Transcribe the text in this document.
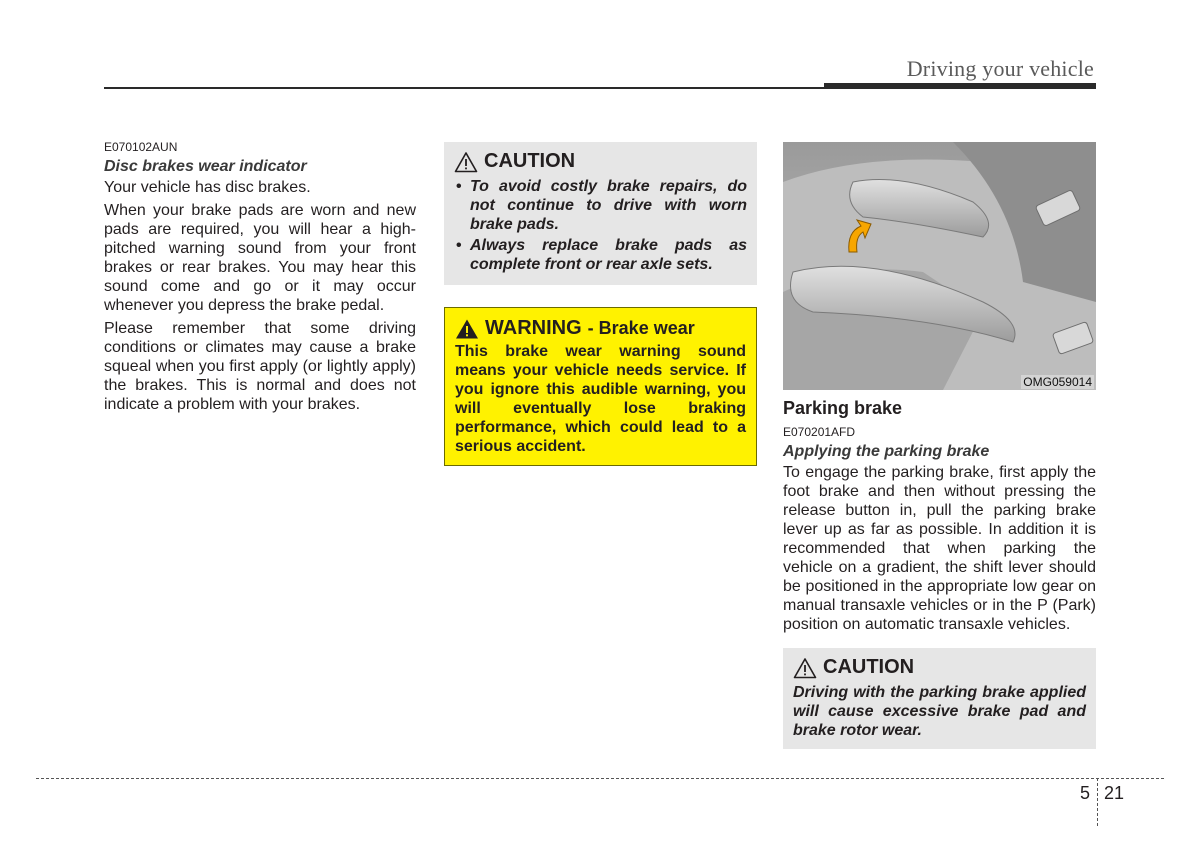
Driving your vehicle

E070102AUN

Disc brakes wear indicator

Your vehicle has disc brakes.

When your brake pads are worn and new pads are required, you will hear a high-pitched warning sound from your front brakes or rear brakes. You may hear this sound come and go or it may occur whenever you depress the brake pedal.

Please remember that some driving conditions or climates may cause a brake squeal when you first apply (or lightly apply) the brakes. This is normal and does not indicate a problem with your brakes.

CAUTION
• To avoid costly brake repairs, do not continue to drive with worn brake pads.
• Always replace brake pads as complete front or rear axle sets.
WARNING - Brake wear

This brake wear warning sound means your vehicle needs service. If you ignore this audible warning, you will eventually lose braking performance, which could lead to a serious accident.

OMG059014

Parking brake

E070201AFD

Applying the parking brake

To engage the parking brake, first apply the foot brake and then without pressing the release button in, pull the parking brake lever up as far as possible. In addition it is recommended that when parking the vehicle on a gradient, the shift lever should be positioned in the appropriate low gear on manual transaxle vehicles or in the P (Park) position on automatic transaxle vehicles.

CAUTION

Driving with the parking brake applied will cause excessive brake pad and brake rotor wear.

5 21
